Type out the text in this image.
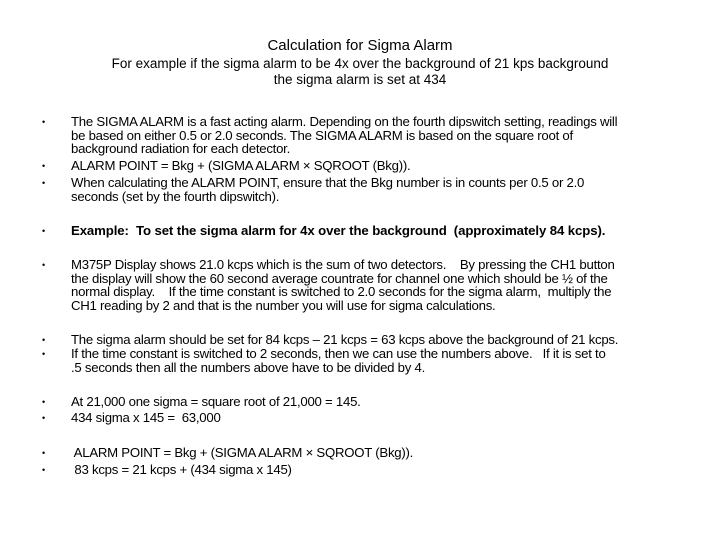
Calculation for Sigma Alarm
For example if the sigma alarm to be 4x over the background of 21 kps background
the sigma alarm is set at 434
• The SIGMA ALARM is a fast acting alarm. Depending on the fourth dipswitch setting, readings will
be based on either 0.5 or 2.0 seconds. The SIGMA ALARM is based on the square root of
background radiation for each detector.
• ALARM POINT = Bkg + (SIGMA ALARM × SQROOT (Bkg)).
• When calculating the ALARM POINT, ensure that the Bkg number is in counts per 0.5 or 2.0
seconds (set by the fourth dipswitch).
• Example:  To set the sigma alarm for 4x over the background  (approximately 84 kcps).
• M375P Display shows 21.0 kcps which is the sum of two detectors.    By pressing the CH1 button
the display will show the 60 second average countrate for channel one which should be ½ of the
normal display.    If the time constant is switched to 2.0 seconds for the sigma alarm,  multiply the
CH1 reading by 2 and that is the number you will use for sigma calculations.
• The sigma alarm should be set for 84 kcps – 21 kcps = 63 kcps above the background of 21 kcps.
• If the time constant is switched to 2 seconds, then we can use the numbers above.   If it is set to
.5 seconds then all the numbers above have to be divided by 4.
• At 21,000 one sigma = square root of 21,000 = 145.
• 434 sigma x 145 =  63,000
• ALARM POINT = Bkg + (SIGMA ALARM × SQROOT (Bkg)).
• 83 kcps = 21 kcps + (434 sigma x 145)
